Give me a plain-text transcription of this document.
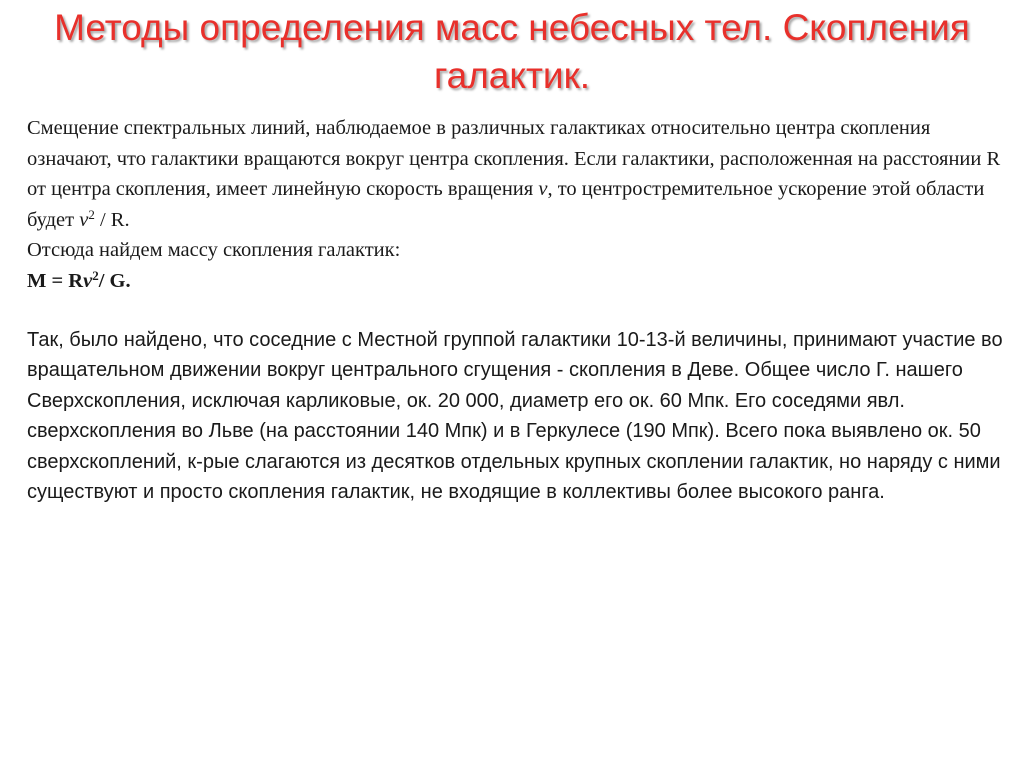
Методы определения масс небесных тел. Скопления
галактик.

Смещение спектральных линий, наблюдаемое в различных галактиках относительно центра скопления означают, что галактики вращаются вокруг центра скопления. Если галактики, расположенная на расстоянии R от центра скопления, имеет линейную скорость вращения v, то центростремительное ускорение этой области будет $v^2$ / R.
Отсюда найдем массу скопления галактик:

$M = Rv^2/$ G.

Так, было найдено, что соседние с Местной группой галактики 10-13-й величины, принимают участие во вращательном движении вокруг центрального сгущения - скопления в Деве. Общее число Г. нашего Сверхскопления, исключая карликовые, ок. 20 000, диаметр его ок. 60 Мпк. Его соседями явл. сверхскопления во Льве (на расстоянии 140 Мпк) и в Геркулесе (190 Мпк). Всего пока выявлено ок. 50 сверхскоплений, к-рые слагаются из десятков отдельных крупных скоплении галактик, но наряду с ними существуют и просто скопления галактик, не входящие в коллективы более высокого ранга.
